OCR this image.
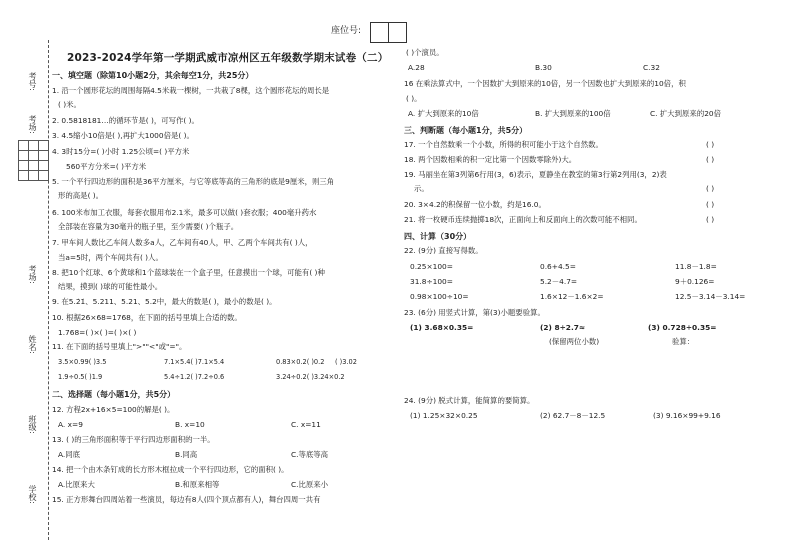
座位号:
2023-2024学年第一学期武威市凉州区五年级数学期末试卷（二）
考号:
考场:

考场:
姓名:
班级:
学校:
一、填空题（除第10小题2分，其余每空1分，共25分）
1. 沿一个圆形花坛的周围每隔4.5米栽一棵树，一共栽了8棵，这个圆形花坛的周长是
( )米。
2. 0.5818181…的循环节是( )，可写作( )。
3. 4.5缩小10倍是( ),再扩大1000倍是( )。
4. 3时15分=( )小时 1.25公顷=( )平方米
560平方分米=( )平方米
5. 一个平行四边形的面积是36平方厘米，与它等底等高的三角形的底是9厘米，则三角
形的高是( )。
6. 100米布加工衣服，每套衣服用布2.1米，最多可以做( )套衣服；400毫升药水
全部装在容量为30毫升的瓶子里，至少需要( )个瓶子。
7. 甲车间人数比乙车间人数多a人，乙车间有40人，甲、乙两个车间共有( )人，
当a=5时，两个车间共有( )人。
8. 把10个红球、6个黄球和1个蓝球装在一个盒子里，任意摸出一个球，可能有( )种
结果，摸到( )球的可能性最小。
9. 在5.2̇1̇、5.211、5.21、5.2中，最大的数是( )，最小的数是( )。
10. 根据26×68=1768，在下面的括号里填上合适的数。
1.768=( )×( )=( )×( )
11. 在下面的括号里填上">""<"或"="。
3.5×0.99( )3.5	7.1×5.4( )7.1×5.4	0.83×0.2( )0.2 ( )3.02
1.9÷0.5( )1.9	5.4÷1.2( )7.2÷0.6	3.24÷0.2( )3.24×0.2
二、选择题（每小题1分，共5分）
12. 方程2x+16×5=100的解是( )。
A. x=9	B. x=10	C. x=11
13. ( )的三角形面积等于平行四边形面积的一半。
A.同底	B.同高	C.等底等高
14. 把一个由木条钉成的长方形木框拉成一个平行四边形，它的面积( )。
A.比原来大	B.和原来相等	C.比原来小
15. 正方形舞台四周站着一些演员，每边有8人(四个顶点都有人)，舞台四周一共有
( )个演员。
A.28	B.30	C.32
16 在乘法算式中，一个因数扩大到原来的10倍，另一个因数也扩大到原来的10倍，积
( )。
A. 扩大到原来的10倍	B. 扩大到原来的100倍	C. 扩大到原来的20倍
三、判断题（每小题1分，共5分）
17. 一个自然数乘一个小数，所得的积可能小于这个自然数。	( )
18. 两个因数相乘的积一定比第一个因数零除外)大。	( )
19. 马丽坐在第3列第6行用(3，6)表示，夏静坐在教室的第3行第2列用(3，2)表
示。	( )
20. 3×4.2的积保留一位小数，约是16.0。	( )
21. 将一枚硬币连续抛掷18次，正面向上和反面向上的次数可能不相同。	( )
四、计算（30分）
22. (9分) 直接写得数。
0.25×100=	0.6+4.5=	11.8－1.8=
31.8÷100=	5.2－4.7=	9＋0.126=
0.98×100÷10=	1.6×12－1.6×2=	12.5－3.14－3.14=
23. (6分) 用竖式计算，第(3)小题要验算。
(1) 3.68×0.35=	(2) 8÷2.7≈	(3) 0.728÷0.35=
(保留两位小数)	验算：
24. (9分) 脱式计算，能简算的要简算。
(1) 1.25×32×0.25	(2) 62.7－8－12.5	(3) 9.16×99+9.16
